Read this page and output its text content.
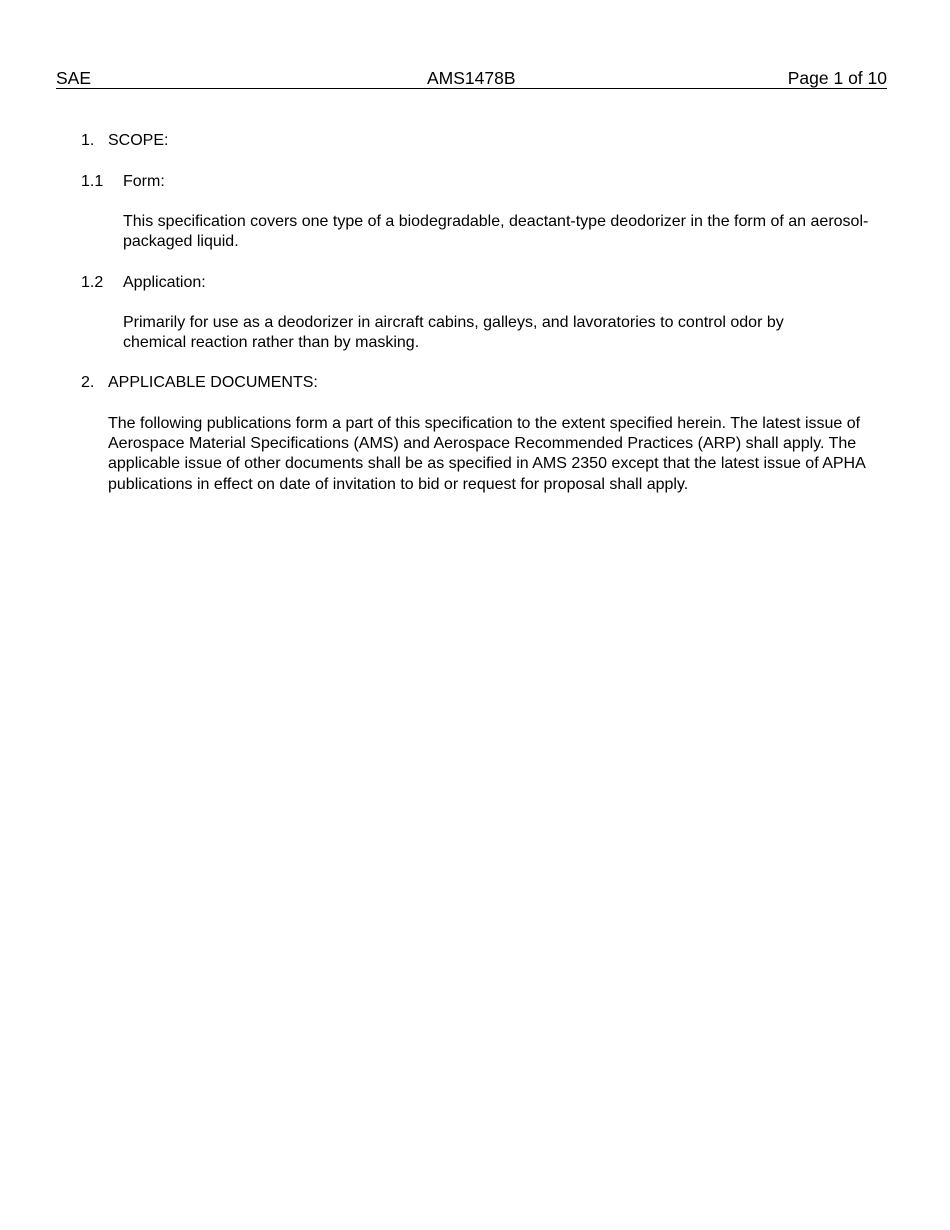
SAE	AMS1478B	Page 1 of 10
1. SCOPE:
1.1 Form:
This specification covers one type of a biodegradable, deactant-type deodorizer in the form of an aerosol-packaged liquid.
1.2 Application:
Primarily for use as a deodorizer in aircraft cabins, galleys, and lavoratories to control odor by chemical reaction rather than by masking.
2. APPLICABLE DOCUMENTS:
The following publications form a part of this specification to the extent specified herein. The latest issue of Aerospace Material Specifications (AMS) and Aerospace Recommended Practices (ARP) shall apply. The applicable issue of other documents shall be as specified in AMS 2350 except that the latest issue of APHA publications in effect on date of invitation to bid or request for proposal shall apply.
